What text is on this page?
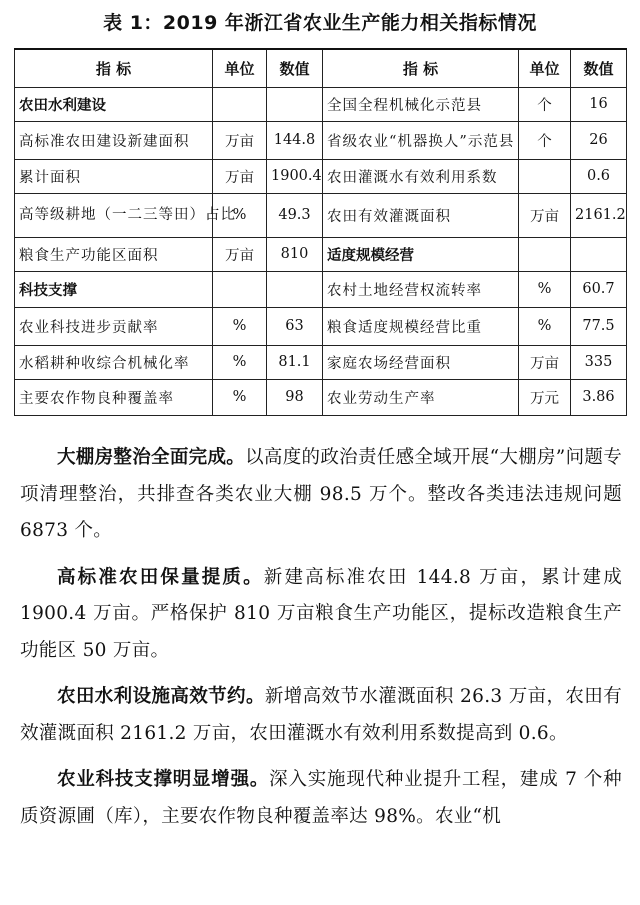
表 1：2019 年浙江省农业生产能力相关指标情况
指 标	单位	数值	指 标	单位	数值
农田水利建设			全国全程机械化示范县	个	16
高标准农田建设新建面积	万亩	144.8	省级农业“机器换人”示范县	个	26
累计面积	万亩	1900.4	农田灌溉水有效利用系数		0.6
高等级耕地（一二三等田）占比	%	49.3	农田有效灌溉面积	万亩	2161.2
粮食生产功能区面积	万亩	810	适度规模经营		
科技支撑			农村土地经营权流转率	%	60.7
农业科技进步贡献率	%	63	粮食适度规模经营比重	%	77.5
水稻耕种收综合机械化率	%	81.1	家庭农场经营面积	万亩	335
主要农作物良种覆盖率	%	98	农业劳动生产率	万元	3.86

大棚房整治全面完成。以高度的政治责任感全域开展“大棚房”问题专项清理整治，共排查各类农业大棚 98.5 万个。整改各类违法违规问题 6873 个。

高标准农田保量提质。新建高标准农田 144.8 万亩，累计建成 1900.4 万亩。严格保护 810 万亩粮食生产功能区，提标改造粮食生产功能区 50 万亩。

农田水利设施高效节约。新增高效节水灌溉面积 26.3 万亩，农田有效灌溉面积 2161.2 万亩，农田灌溉水有效利用系数提高到 0.6。

农业科技支撑明显增强。深入实施现代种业提升工程，建成 7 个种质资源圃（库），主要农作物良种覆盖率达 98%。农业“机
